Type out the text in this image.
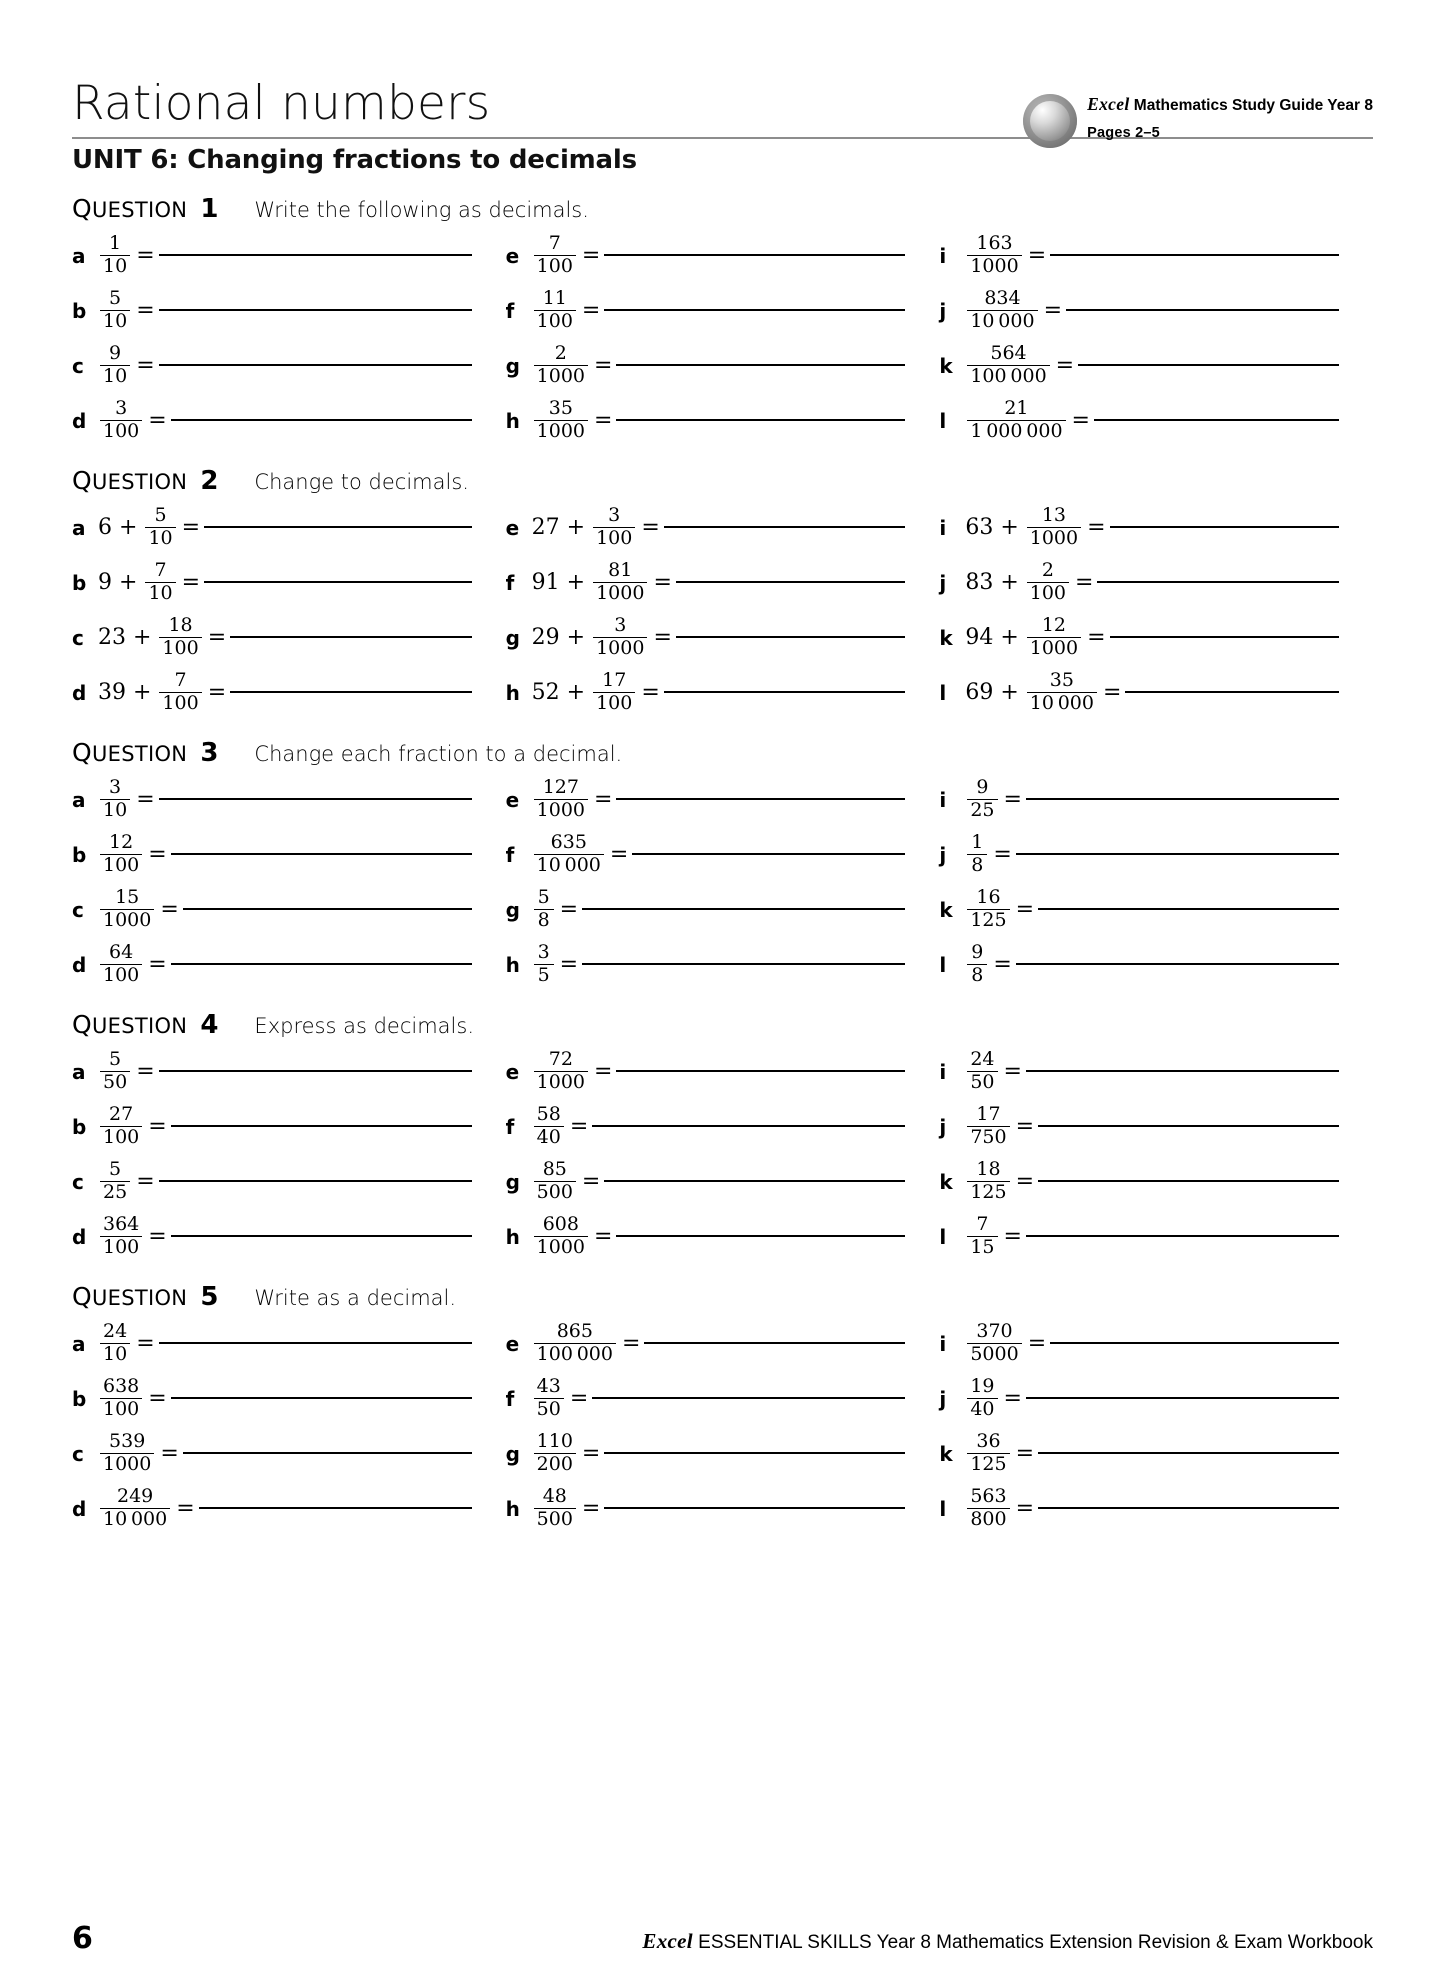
Rational numbers
UNIT 6: Changing fractions to decimals
Excel Mathematics Study Guide Year 8
Pages 2–5
QUESTION 1 Write the following as decimals.
a $\frac{1}{10}$ =	e $\frac{7}{100}$ =	i	$\frac{163}{1000}$ =
b $\frac{5}{10}$ =	f	$\frac{11}{100}$ =	j	$\frac{834}{10 000}$ =
c $\frac{9}{10}$ =	g $\frac{2}{1000}$ =	k $\frac{564}{100 000}$ =
d $\frac{3}{100}$ =	h $\frac{35}{1000}$ =	l	$\frac{21}{1 000 000}$ =
QUESTION 2 Change to decimals.
a $6 + \frac{5}{10}$ =	e $27 + \frac{3}{100}$ =	i $63 + \frac{13}{1000}$ =
b $9 + \frac{7}{10}$ =	f $91 + \frac{81}{1000}$ =	j $83 + \frac{2}{100}$ =
c $23 + \frac{18}{100}$ =	g $29 + \frac{3}{1000}$ =	k $94 + \frac{12}{1000}$ =
d $39 + \frac{7}{100}$ =	h $52 + \frac{17}{100}$ =	l $69 + \frac{35}{10 000}$ =
QUESTION 3 Change each fraction to a decimal.
a $\frac{3}{10}$ =	e $\frac{127}{1000}$ =	i	$\frac{9}{25}$ =
b $\frac{12}{100}$ =	f	$\frac{635}{10 000}$ =	j	$\frac{1}{8}$ =
c $\frac{15}{1000}$ =	g $\frac{5}{8}$ =	k $\frac{16}{125}$ =
d $\frac{64}{100}$ =	h $\frac{3}{5}$ =	l	$\frac{9}{8}$ =
QUESTION 4 Express as decimals.
a $\frac{5}{50}$ =	e $\frac{72}{1000}$ =	i	$\frac{24}{50}$ =
b $\frac{27}{100}$ =	f	$\frac{58}{40}$ =	j	$\frac{17}{750}$ =
c $\frac{5}{25}$ =	g $\frac{85}{500}$ =	k $\frac{18}{125}$ =
d $\frac{364}{100}$ =	h $\frac{608}{1000}$ =	l	$\frac{7}{15}$ =
QUESTION 5 Write as a decimal.
a $\frac{24}{10}$ =	e $\frac{865}{100 000}$ =	i	$\frac{370}{5000}$ =
b $\frac{638}{100}$ =	f	$\frac{43}{50}$ =	j	$\frac{19}{40}$ =
c $\frac{539}{1000}$ =	g $\frac{110}{200}$ =	k $\frac{36}{125}$ =
d $\frac{249}{10 000}$ =	h $\frac{48}{500}$ =	l	$\frac{563}{800}$ =
6	Excel ESSENTIAL SKILLS Year 8 Mathematics Extension Revision & Exam Workbook
